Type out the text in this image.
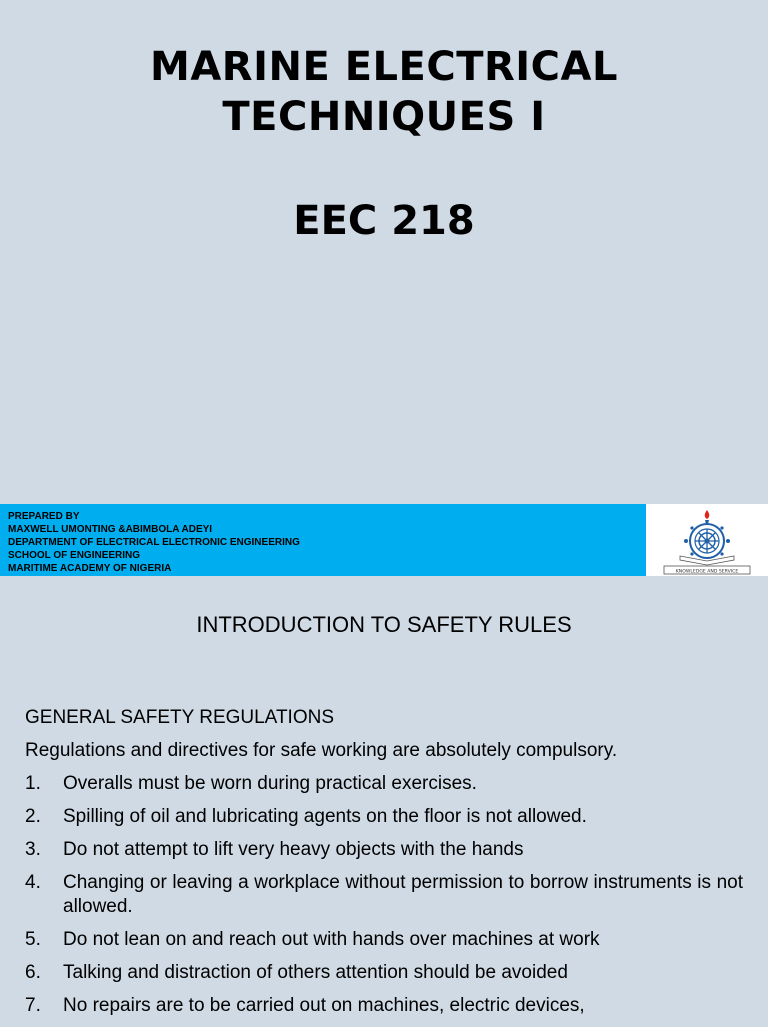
MARINE ELECTRICAL
TECHNIQUES I
EEC 218
PREPARED BY
MAXWELL UMONTING &ABIMBOLA ADEYI
DEPARTMENT OF ELECTRICAL ELECTRONIC ENGINEERING
SCHOOL OF ENGINEERING
MARITIME ACADEMY OF NIGERIA	KNOWLEDGE AND SERVICE
INTRODUCTION TO SAFETY RULES
GENERAL SAFETY REGULATIONS
Regulations and directives for safe working are absolutely compulsory.
1. Overalls must be worn during practical exercises.
2. Spilling of oil and lubricating agents on the floor is not allowed.
3. Do not attempt to lift very heavy objects with the hands
4. Changing or leaving a workplace without permission to borrow instruments is not allowed.
5. Do not lean on and reach out with hands over machines at work
6. Talking and distraction of others attention should be avoided
7. No repairs are to be carried out on machines, electric devices,
